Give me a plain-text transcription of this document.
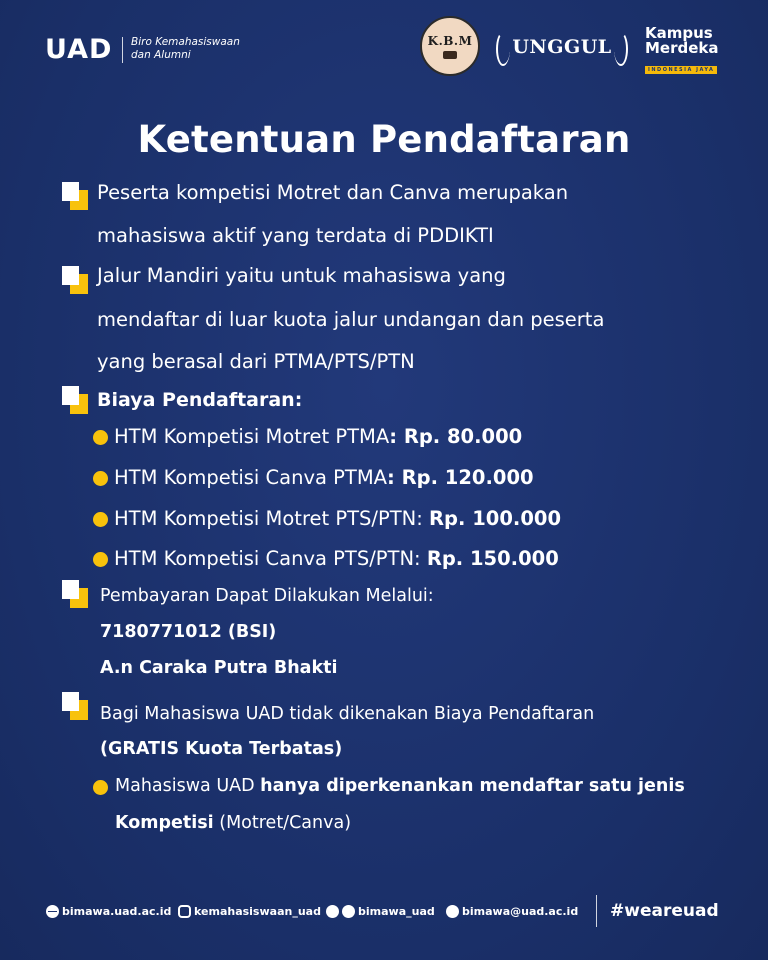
UAD Biro Kemahasiswaan
dan Alumni
K.B.M	UNGGUL
Kampus
Merdeka
INDONESIA JAYA
Ketentuan Pendaftaran
Peserta kompetisi Motret dan Canva merupakan
mahasiswa aktif yang terdata di PDDIKTI
Jalur Mandiri yaitu untuk mahasiswa yang
mendaftar di luar kuota jalur undangan dan peserta
yang berasal dari PTMA/PTS/PTN
Biaya Pendaftaran:
HTM Kompetisi Motret PTMA: Rp. 80.000
HTM Kompetisi Canva PTMA: Rp. 120.000
HTM Kompetisi Motret PTS/PTN: Rp. 100.000
HTM Kompetisi Canva PTS/PTN: Rp. 150.000
Pembayaran Dapat Dilakukan Melalui:
7180771012 (BSI)
A.n Caraka Putra Bhakti
Bagi Mahasiswa UAD tidak dikenakan Biaya Pendaftaran
(GRATIS Kuota Terbatas)
Mahasiswa UAD hanya diperkenankan mendaftar satu jenis
Kompetisi (Motret/Canva)
bimawa.uad.ac.id kemahasiswaan_uad	bimawa_uad bimawa@uad.ac.id #weareuad
